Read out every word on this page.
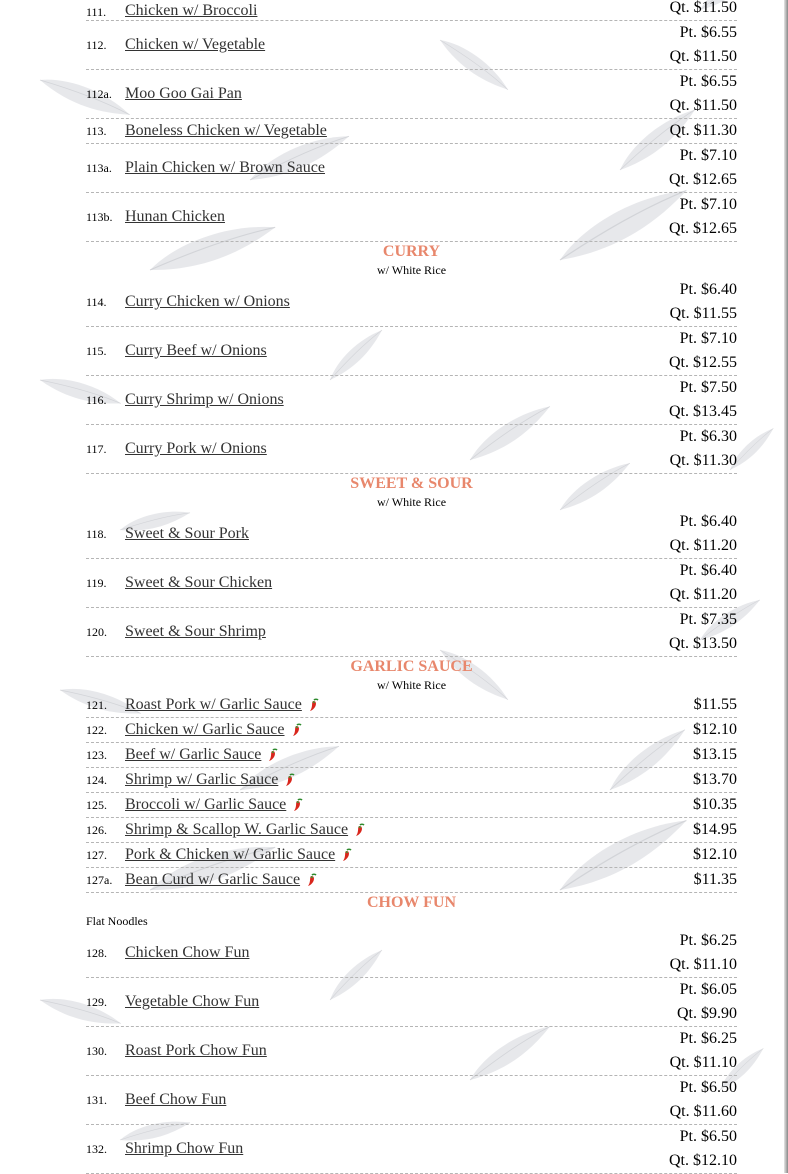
111.	Chicken w/ Broccoli	Qt. $11.50
112.	Chicken w/ Vegetable
Pt. $6.55
Qt. $11.50
112a. Moo Goo Gai Pan
Pt. $6.55
Qt. $11.50
113.	Boneless Chicken w/ Vegetable	Qt. $11.30
113a. Plain Chicken w/ Brown Sauce
Pt. $7.10
Qt. $12.65
113b. Hunan Chicken
Pt. $7.10
Qt. $12.65
CURRY
w/ White Rice
114.	Curry Chicken w/ Onions
Pt. $6.40
Qt. $11.55
115.	Curry Beef w/ Onions
Pt. $7.10
Qt. $12.55
116.	Curry Shrimp w/ Onions
Pt. $7.50
Qt. $13.45
117.	Curry Pork w/ Onions
Pt. $6.30
Qt. $11.30
SWEET & SOUR
w/ White Rice
118.	Sweet & Sour Pork
Pt. $6.40
Qt. $11.20
119.	Sweet & Sour Chicken
Pt. $6.40
Qt. $11.20
120.	Sweet & Sour Shrimp
Pt. $7.35
Qt. $13.50
GARLIC SAUCE
w/ White Rice
121.	Roast Pork w/ Garlic Sauce	$11.55
122.	Chicken w/ Garlic Sauce	$12.10
123.	Beef w/ Garlic Sauce	$13.15
124.	Shrimp w/ Garlic Sauce	$13.70
125.	Broccoli w/ Garlic Sauce	$10.35
126.	Shrimp & Scallop W. Garlic Sauce	$14.95
127.	Pork & Chicken w/ Garlic Sauce	$12.10
127a. Bean Curd w/ Garlic Sauce	$11.35
CHOW FUN
Flat Noodles
128.	Chicken Chow Fun
Pt. $6.25
Qt. $11.10
129.	Vegetable Chow Fun
Pt. $6.05
Qt. $9.90
130.	Roast Pork Chow Fun
Pt. $6.25
Qt. $11.10
131.	Beef Chow Fun
Pt. $6.50
Qt. $11.60
132.	Shrimp Chow Fun
Pt. $6.50
Qt. $12.10
